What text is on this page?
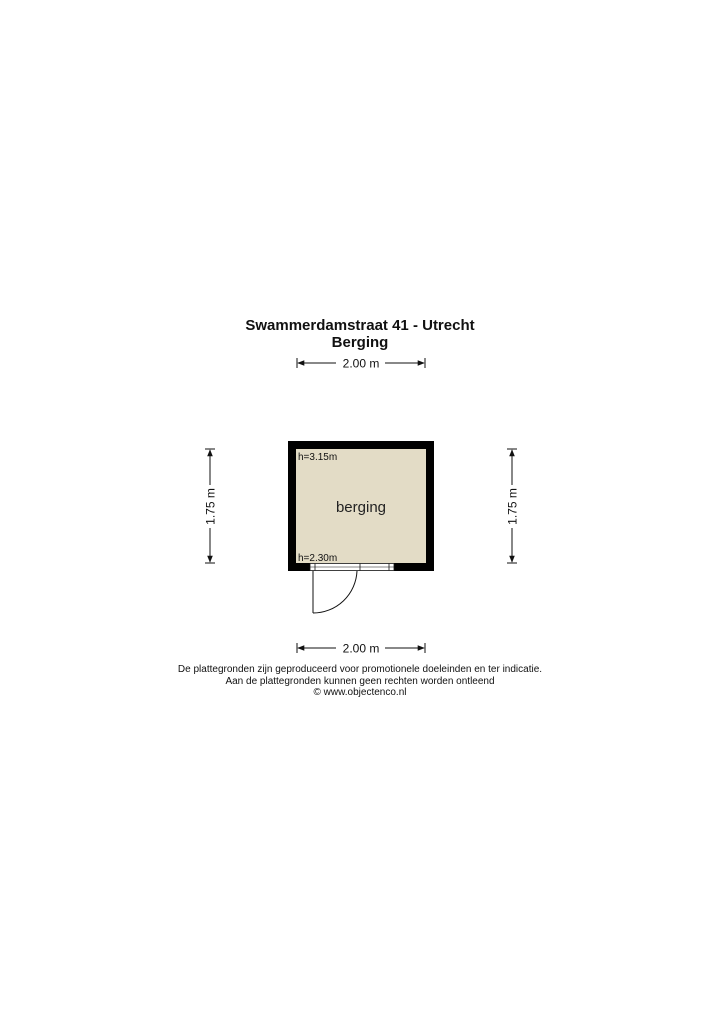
Swammerdamstraat 41 - Utrecht
Berging
2.00 m
2.00 m
1.75 m	1.75 m
berging
h=3.15m
h=2.30m
De plattegronden zijn geproduceerd voor promotionele doeleinden en ter indicatie.
Aan de plattegronden kunnen geen rechten worden ontleend
© www.objectenco.nl
